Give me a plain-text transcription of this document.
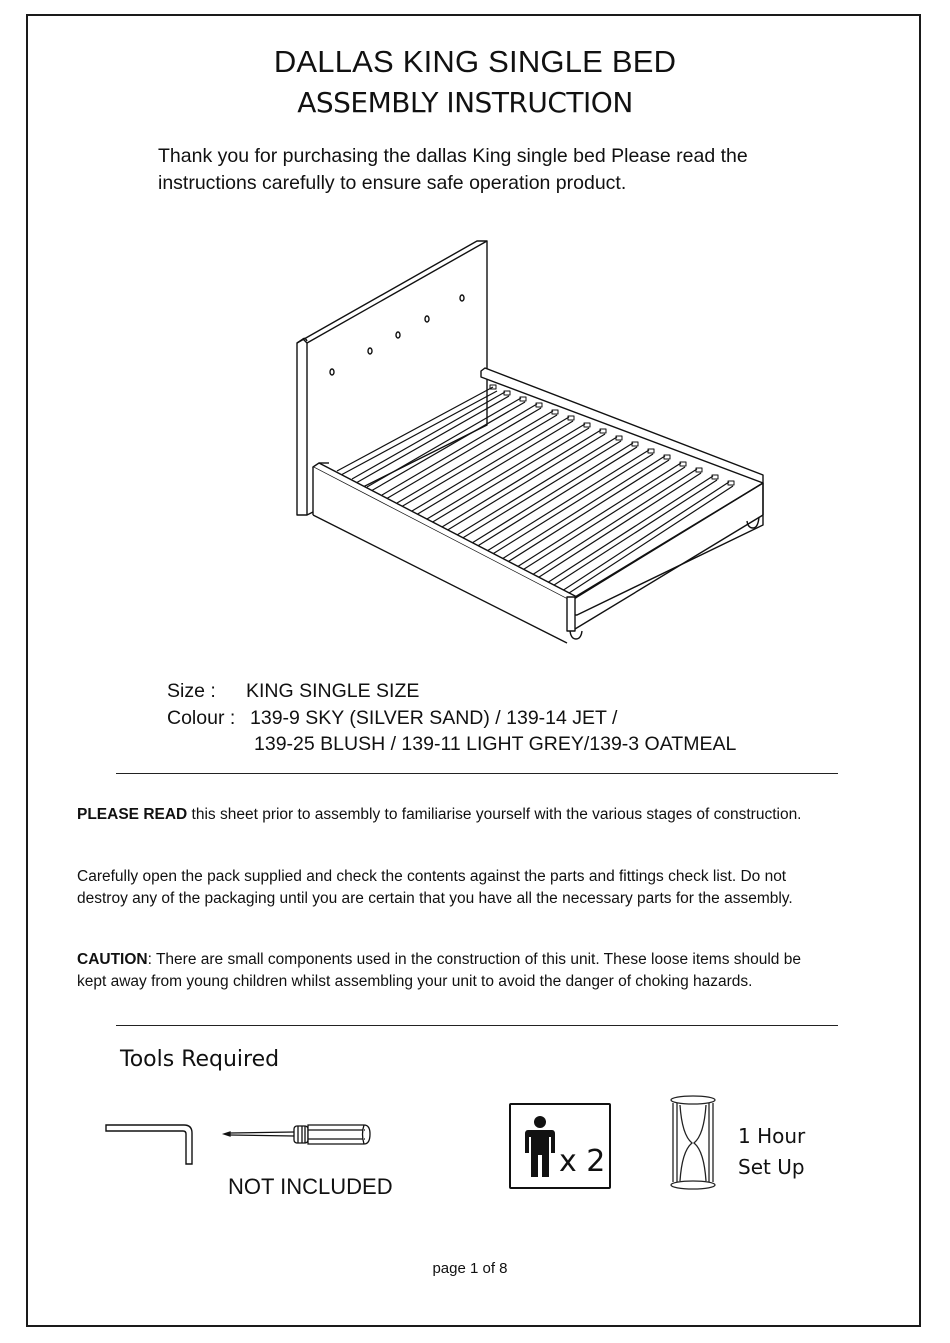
DALLAS KING SINGLE BED
ASSEMBLY INSTRUCTION
Thank you for purchasing the dallas King single bed Please read the
instructions carefully to ensure safe operation product.
Size : KING SINGLE SIZE
Colour : 139-9 SKY (SILVER SAND) / 139-14 JET /
139-25 BLUSH / 139-11 LIGHT GREY/139-3 OATMEAL
PLEASE READ this sheet prior to assembly to familiarise yourself with the various stages of construction.
Carefully open the pack supplied and check the contents against the parts and fittings check list. Do not
destroy any of the packaging until you are certain that you have all the necessary parts for the assembly.
CAUTION: There are small components used in the construction of this unit. These loose items should be
kept away from young children whilst assembling your unit to avoid the danger of choking hazards.
Tools Required
NOT INCLUDED
x 2
1 Hour
Set Up
page 1 of 8
